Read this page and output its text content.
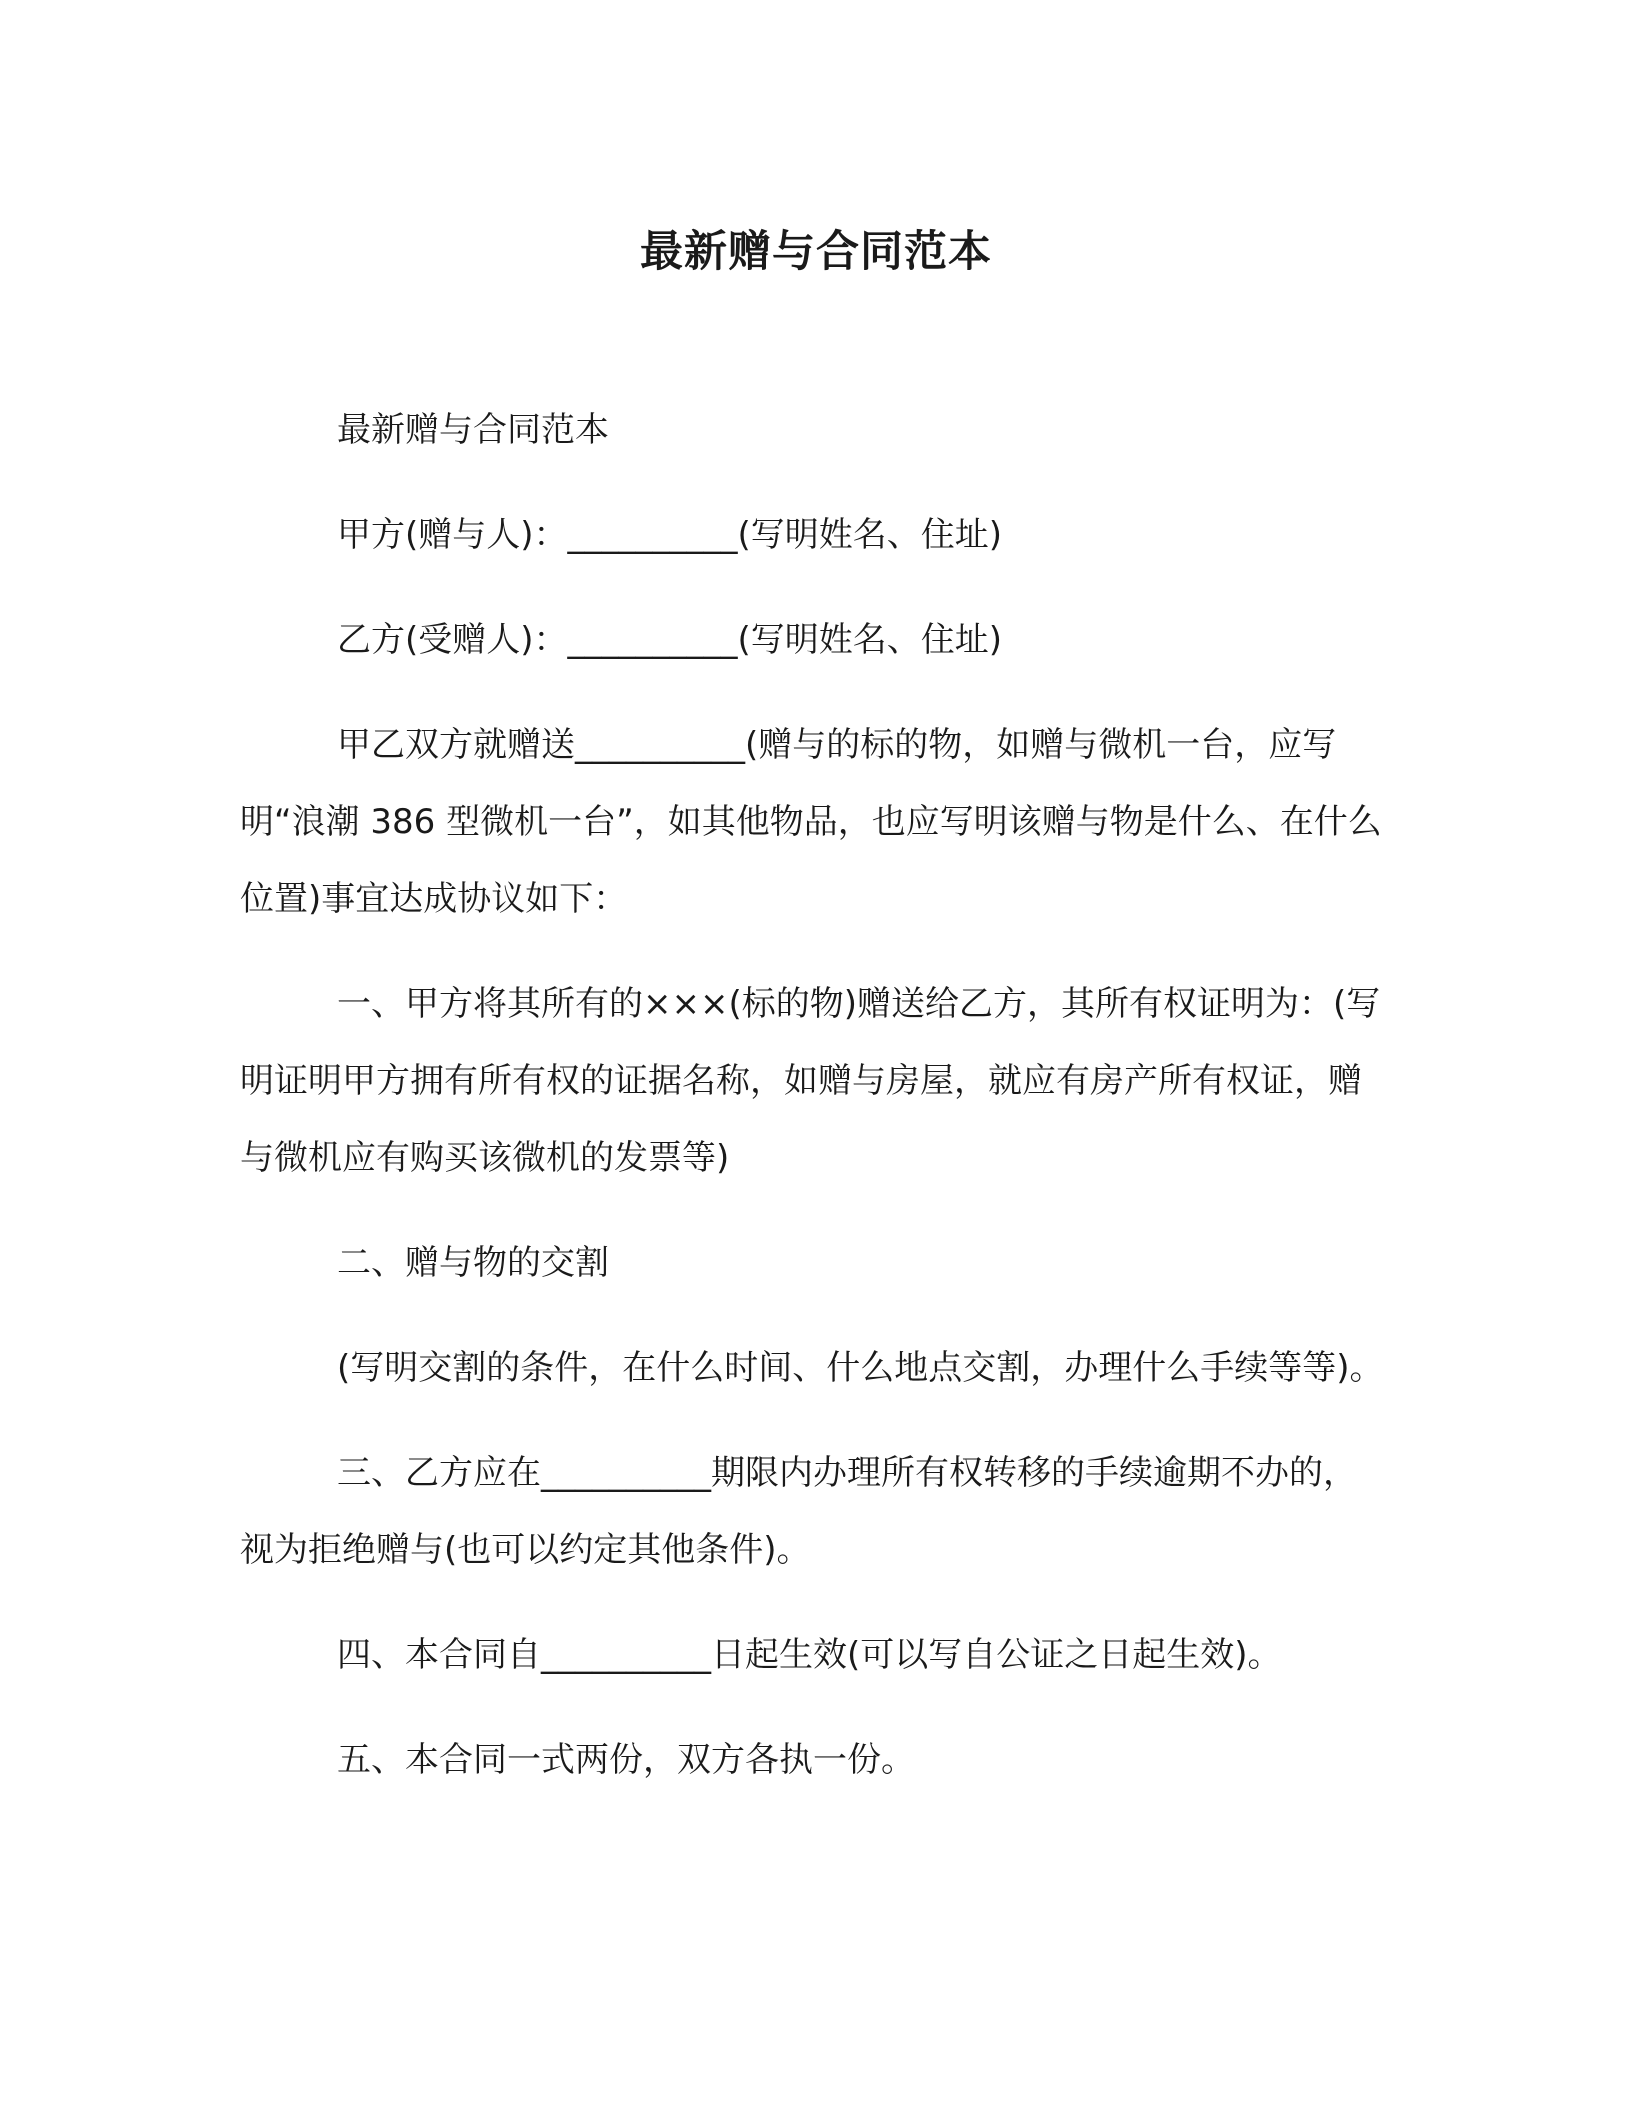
最新赠与合同范本

最新赠与合同范本

甲方(赠与人)：__________(写明姓名、住址)

乙方(受赠人)：__________(写明姓名、住址)

甲乙双方就赠送__________(赠与的标的物，如赠与微机一台，应写明“浪潮 386 型微机一台”，如其他物品，也应写明该赠与物是什么、在什么位置)事宜达成协议如下：

一、甲方将其所有的×××(标的物)赠送给乙方，其所有权证明为：(写明证明甲方拥有所有权的证据名称，如赠与房屋，就应有房产所有权证，赠与微机应有购买该微机的发票等)

二、赠与物的交割

(写明交割的条件，在什么时间、什么地点交割，办理什么手续等等)。

三、乙方应在__________期限内办理所有权转移的手续逾期不办的，视为拒绝赠与(也可以约定其他条件)。

四、本合同自__________日起生效(可以写自公证之日起生效)。

五、本合同一式两份，双方各执一份。
